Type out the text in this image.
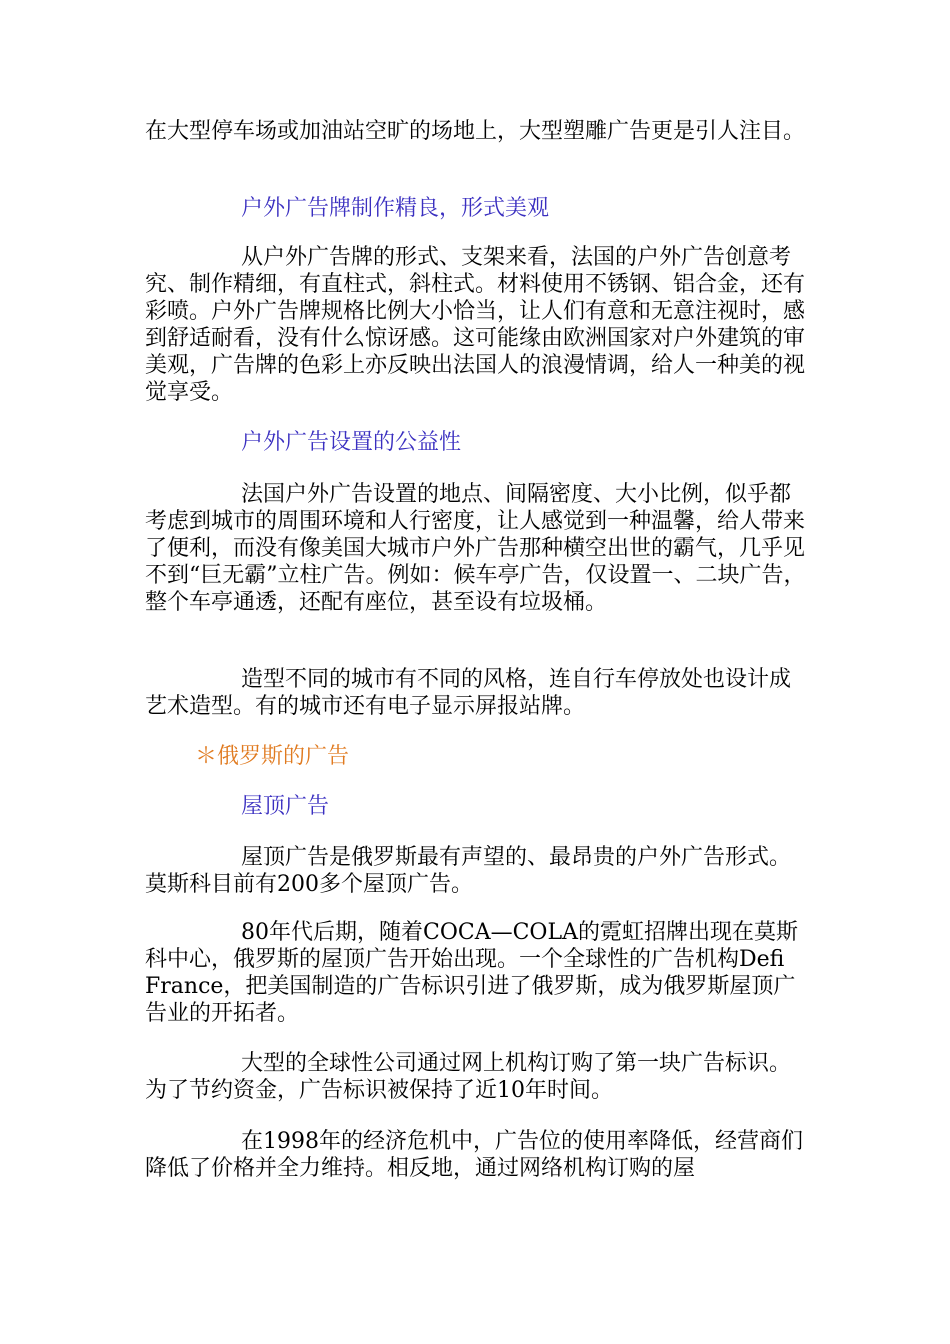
在大型停车场或加油站空旷的场地上，大型塑雕广告更是引人注目。

户外广告牌制作精良，形式美观

从户外广告牌的形式、支架来看，法国的户外广告创意考究、制作精细，有直柱式，斜柱式。材料使用不锈钢、铝合金，还有彩喷。户外广告牌规格比例大小恰当，让人们有意和无意注视时，感到舒适耐看，没有什么惊讶感。这可能缘由欧洲国家对户外建筑的审美观，广告牌的色彩上亦反映出法国人的浪漫情调，给人一种美的视觉享受。

户外广告设置的公益性

法国户外广告设置的地点、间隔密度、大小比例，似乎都考虑到城市的周围环境和人行密度，让人感觉到一种温馨，给人带来了便利，而没有像美国大城市户外广告那种横空出世的霸气，几乎见不到“巨无霸”立柱广告。例如：候车亭广告，仅设置一、二块广告，整个车亭通透，还配有座位，甚至设有垃圾桶。

造型不同的城市有不同的风格，连自行车停放处也设计成艺术造型。有的城市还有电子显示屏报站牌。

＊俄罗斯的广告

屋顶广告

屋顶广告是俄罗斯最有声望的、最昂贵的户外广告形式。莫斯科目前有200多个屋顶广告。

80年代后期，随着COCA—COLA的霓虹招牌出现在莫斯科中心，俄罗斯的屋顶广告开始出现。一个全球性的广告机构Defi France，把美国制造的广告标识引进了俄罗斯，成为俄罗斯屋顶广告业的开拓者。

大型的全球性公司通过网上机构订购了第一块广告标识。为了节约资金，广告标识被保持了近10年时间。

在1998年的经济危机中，广告位的使用率降低，经营商们降低了价格并全力维持。相反地，通过网络机构订购的屋
